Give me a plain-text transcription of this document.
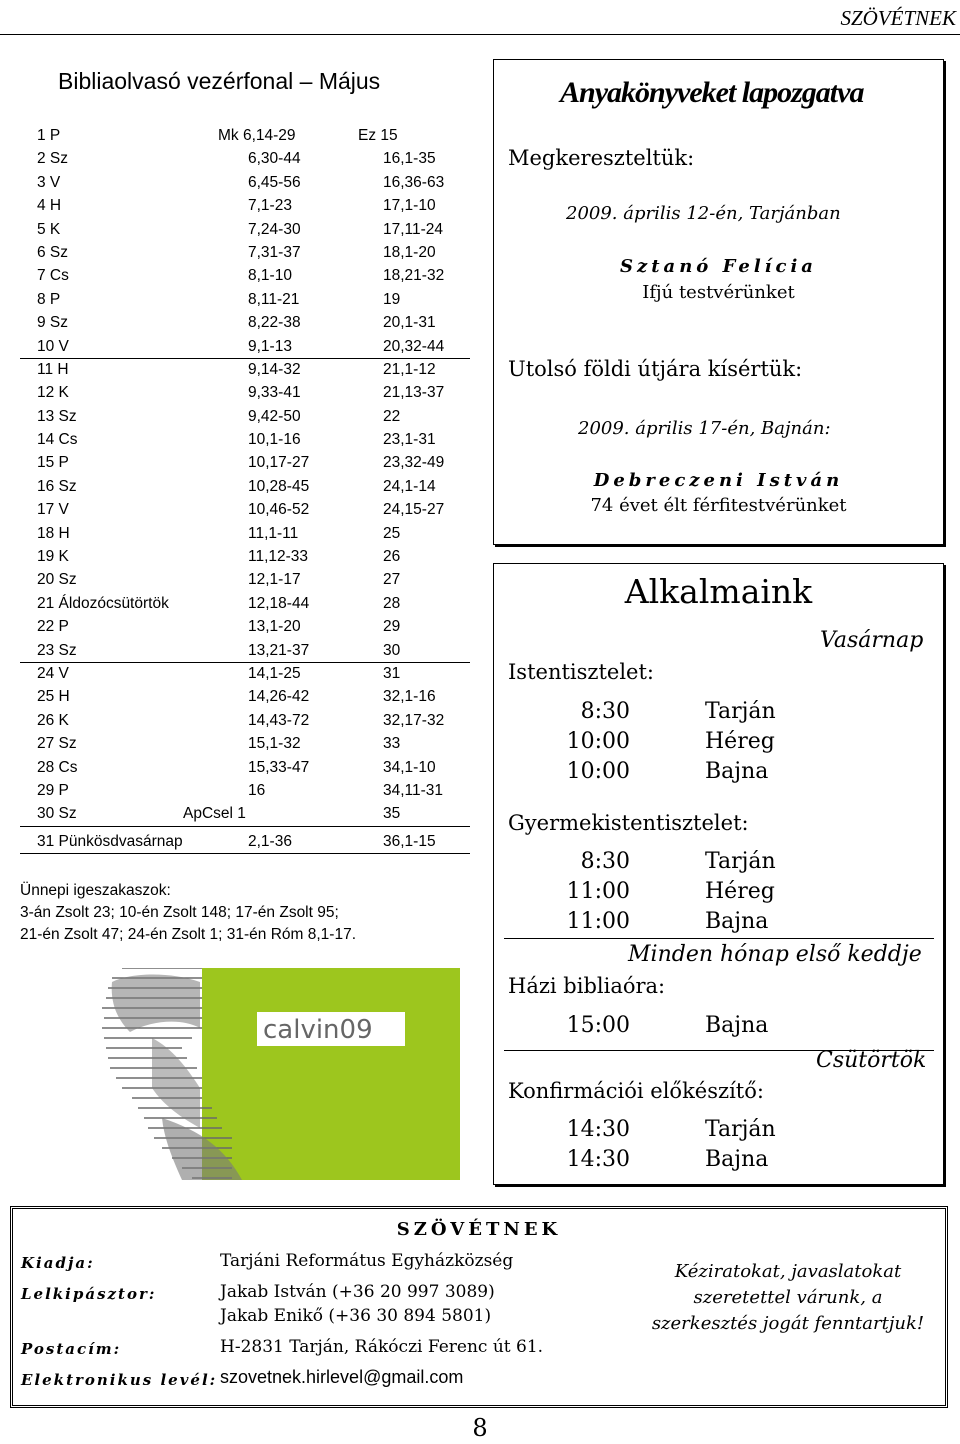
SZÖVÉTNEK
Bibliaolvasó vezérfonal – Május
1 P	Mk 6,14-29	Ez 15
2 Sz	6,30-44	16,1-35
3 V	6,45-56	16,36-63
4 H	7,1-23	17,1-10
5 K	7,24-30	17,11-24
6 Sz	7,31-37	18,1-20
7 Cs	8,1-10	18,21-32
8 P	8,11-21	19
9 Sz	8,22-38	20,1-31
10 V	9,1-13	20,32-44
11 H	9,14-32	21,1-12
12 K	9,33-41	21,13-37
13 Sz	9,42-50	22
14 Cs	10,1-16	23,1-31
15 P	10,17-27	23,32-49
16 Sz	10,28-45	24,1-14
17 V	10,46-52	24,15-27
18 H	11,1-11	25
19 K	11,12-33	26
20 Sz	12,1-17	27
21 Áldozócsütörtök	12,18-44	28
22 P	13,1-20	29
23 Sz	13,21-37	30
24 V	14,1-25	31
25 H	14,26-42	32,1-16
26 K	14,43-72	32,17-32
27 Sz	15,1-32	33
28 Cs	15,33-47	34,1-10
29 P	16	34,11-31
30 Sz	ApCsel 1	35
31 Pünkösdvasárnap	2,1-36	36,1-15
Ünnepi igeszakaszok:
3-án Zsolt 23; 10-én Zsolt 148; 17-én Zsolt 95;
21-én Zsolt 47; 24-én Zsolt 1; 31-én Róm 8,1-17.
calvin09
Anyakönyveket lapozgatva
Megkereszteltük:
2009. április 12-én, Tarjánban
Sztanó Felícia
Ifjú testvérünket
Utolsó földi útjára kísértük:
2009. április 17-én, Bajnán:
Debreczeni István
74 évet élt férfitestvérünket
Alkalmaink
Vasárnap
Istentisztelet:
8:30	Tarján
10:00	Héreg
10:00	Bajna
Gyermekistentisztelet:
8:30	Tarján
11:00	Héreg
11:00	Bajna
Minden hónap első keddje
Házi bibliaóra:
15:00	Bajna
Csütörtök
Konfirmációi előkészítő:
14:30	Tarján
14:30	Bajna
SZÖVÉTNEK
Kiadja:	Tarjáni Református Egyházközség
Lelkipásztor:	Jakab István (+36 20 997 3089)
Jakab Enikő (+36 30 894 5801)
Postacím:	H-2831 Tarján, Rákóczi Ferenc út 61.
Elektronikus levél: szovetnek.hirlevel@gmail.com
Kéziratokat, javaslatokat szeretettel várunk, a szerkesztés jogát fenntartjuk!
8
